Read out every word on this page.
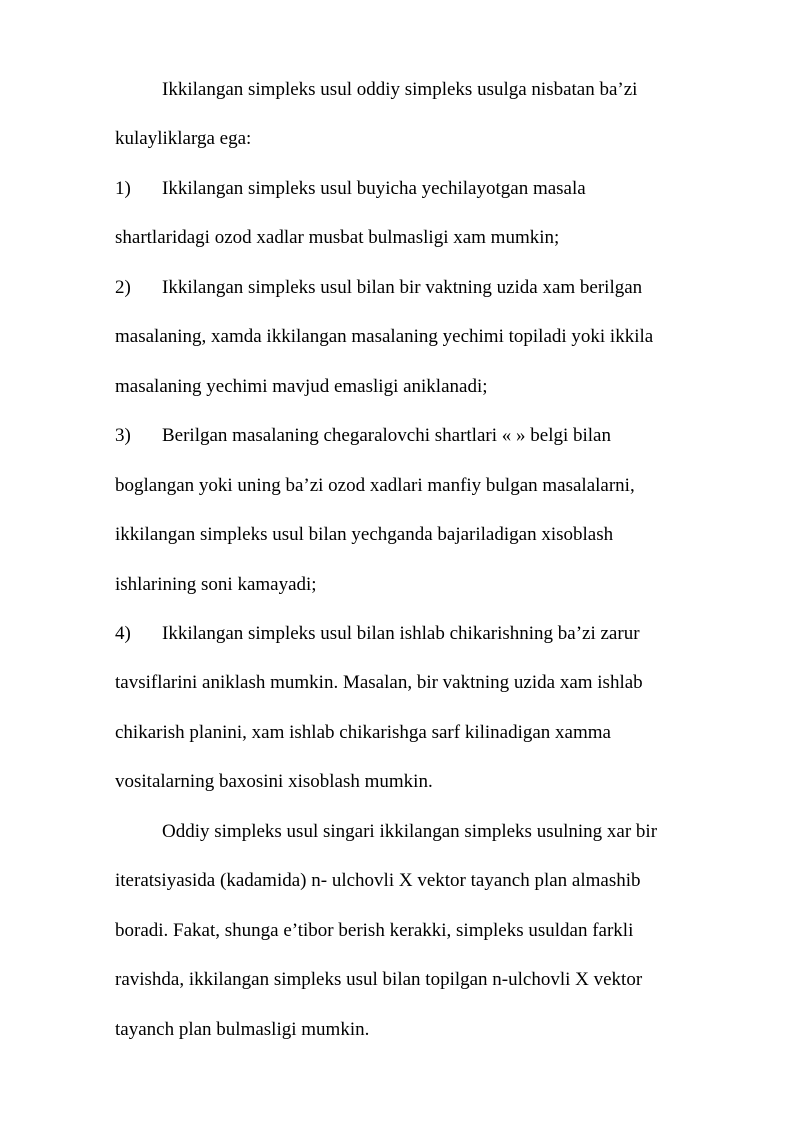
Ikkilangan simpleks usul oddiy simpleks usulga nisbatan ba’zi
kulayliklarga ega:
1) Ikkilangan simpleks usul buyicha yechilayotgan masala
shartlaridagi ozod xadlar musbat bulmasligi xam mumkin;
2) Ikkilangan simpleks usul bilan bir vaktning uzida xam berilgan
masalaning, xamda ikkilangan masalaning yechimi topiladi yoki ikkila
masalaning yechimi mavjud emasligi aniklanadi;
3) Berilgan masalaning chegaralovchi shartlari « » belgi bilan
boglangan yoki uning ba’zi ozod xadlari manfiy bulgan masalalarni,
ikkilangan simpleks usul bilan yechganda bajariladigan xisoblash
ishlarining soni kamayadi;
4) Ikkilangan simpleks usul bilan ishlab chikarishning ba’zi zarur
tavsiflarini aniklash mumkin. Masalan, bir vaktning uzida xam ishlab
chikarish planini, xam ishlab chikarishga sarf kilinadigan xamma
vositalarning baxosini xisoblash mumkin.
Oddiy simpleks usul singari ikkilangan simpleks usulning xar bir
iteratsiyasida (kadamida) n- ulchovli X vektor tayanch plan almashib
boradi. Fakat, shunga e’tibor berish kerakki, simpleks usuldan farkli
ravishda, ikkilangan simpleks usul bilan topilgan n-ulchovli X vektor
tayanch plan bulmasligi mumkin.
